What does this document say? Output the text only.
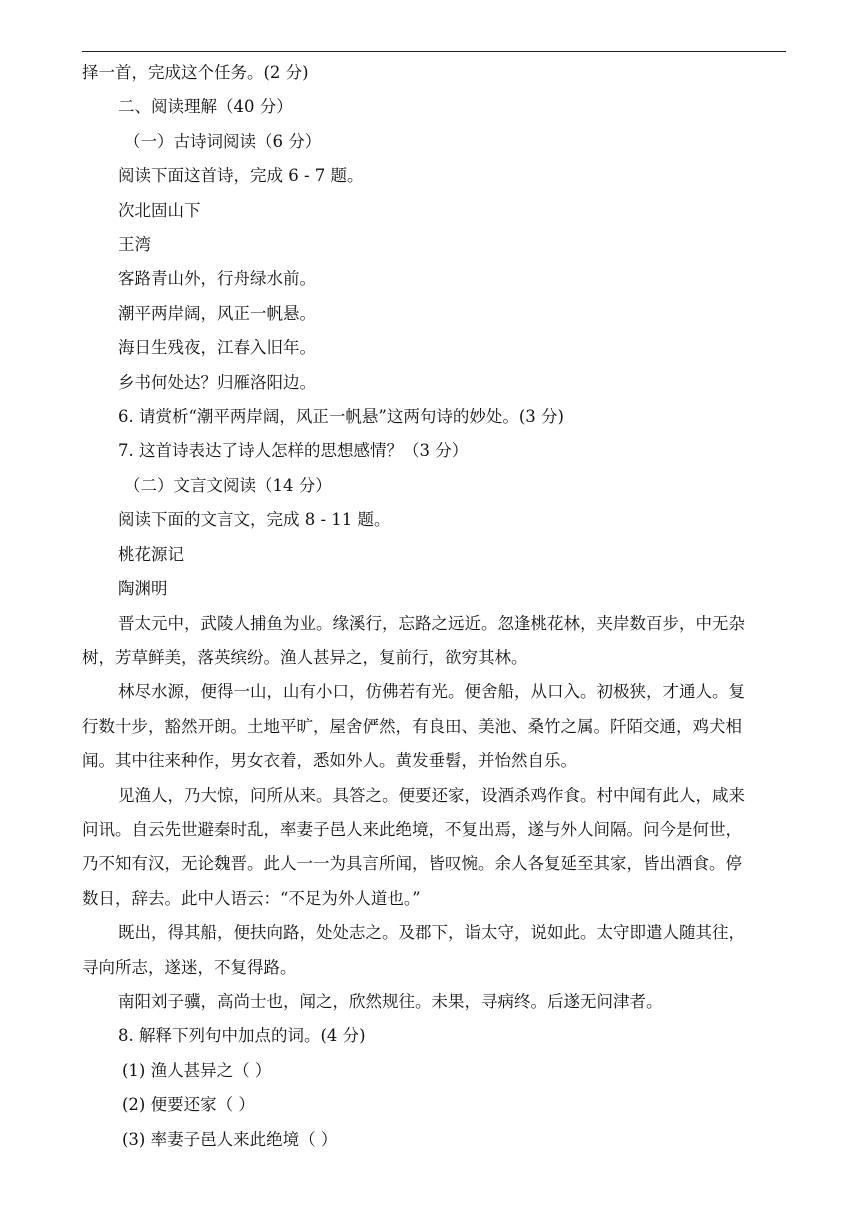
择一首，完成这个任务。(2 分)
二、阅读理解（40 分）
（一）古诗词阅读（6 分）
阅读下面这首诗，完成 6 - 7 题。
次北固山下
王湾
客路青山外，行舟绿水前。
潮平两岸阔，风正一帆悬。
海日生残夜，江春入旧年。
乡书何处达？归雁洛阳边。
6. 请赏析“潮平两岸阔，风正一帆悬”这两句诗的妙处。(3 分)
7. 这首诗表达了诗人怎样的思想感情？（3 分）
（二）文言文阅读（14 分）
阅读下面的文言文，完成 8 - 11 题。
桃花源记
陶渊明
晋太元中，武陵人捕鱼为业。缘溪行，忘路之远近。忽逢桃花林，夹岸数百步，中无杂
树，芳草鲜美，落英缤纷。渔人甚异之，复前行，欲穷其林。
林尽水源，便得一山，山有小口，仿佛若有光。便舍船，从口入。初极狭，才通人。复
行数十步，豁然开朗。土地平旷，屋舍俨然，有良田、美池、桑竹之属。阡陌交通，鸡犬相
闻。其中往来种作，男女衣着，悉如外人。黄发垂髫，并怡然自乐。
见渔人，乃大惊，问所从来。具答之。便要还家，设酒杀鸡作食。村中闻有此人，咸来
问讯。自云先世避秦时乱，率妻子邑人来此绝境，不复出焉，遂与外人间隔。问今是何世，
乃不知有汉，无论魏晋。此人一一为具言所闻，皆叹惋。余人各复延至其家，皆出酒食。停
数日，辞去。此中人语云：“不足为外人道也。”
既出，得其船，便扶向路，处处志之。及郡下，诣太守，说如此。太守即遣人随其往，
寻向所志，遂迷，不复得路。
南阳刘子骥，高尚士也，闻之，欣然规往。未果，寻病终。后遂无问津者。
8. 解释下列句中加点的词。(4 分)
(1) 渔人甚异之（ ）
(2) 便要还家（ ）
(3) 率妻子邑人来此绝境（ ）
